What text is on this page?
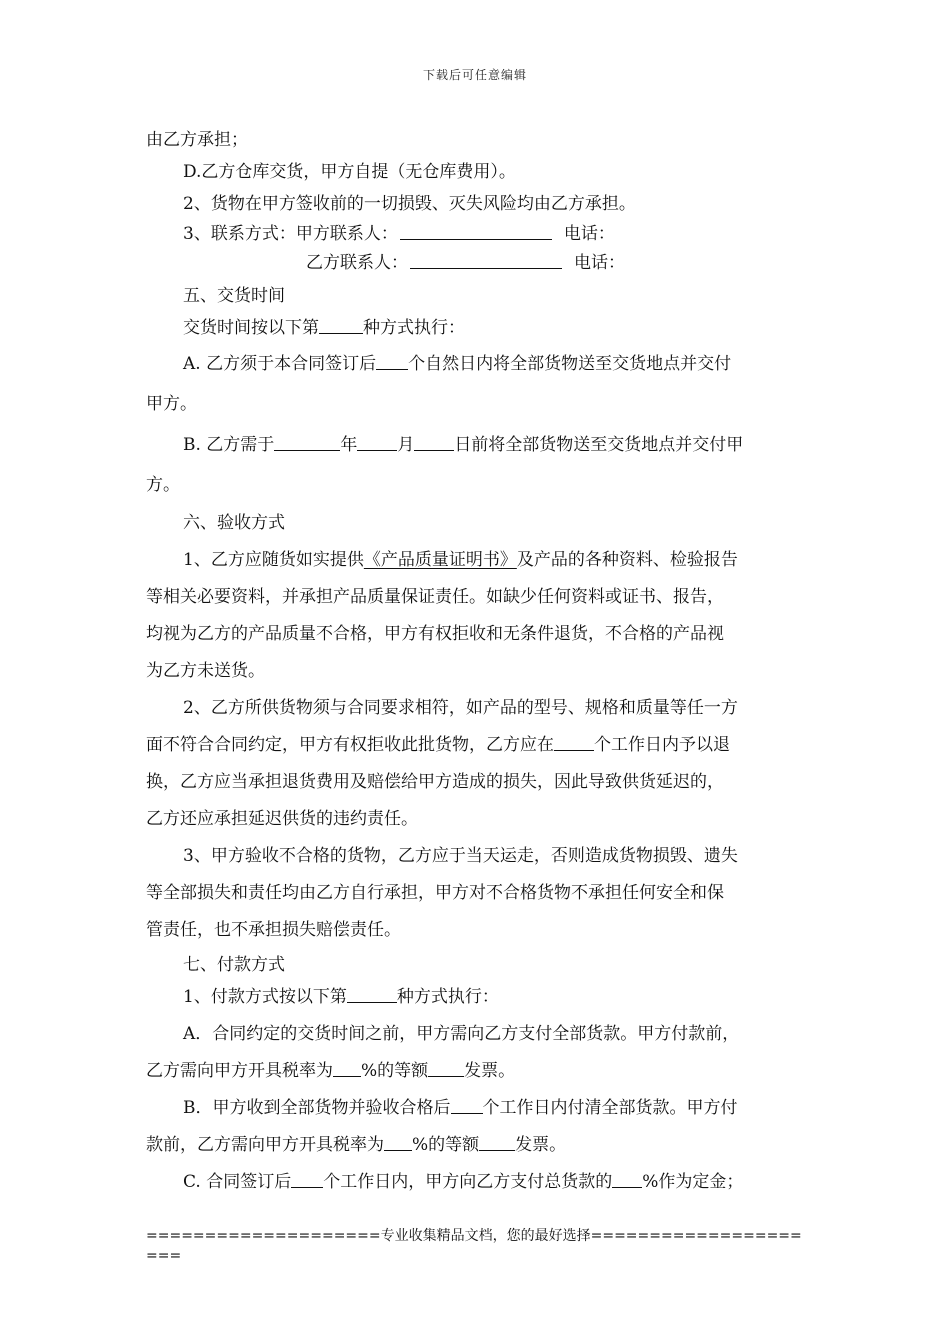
下载后可任意编辑
由乙方承担；
D.乙方仓库交货，甲方自提（无仓库费用）。
2、货物在甲方签收前的一切损毁、灭失风险均由乙方承担。
3、联系方式：甲方联系人：	电话：
乙方联系人：	电话：
五、交货时间
交货时间按以下第	种方式执行：
A. 乙方须于本合同签订后 个自然日内将全部货物送至交货地点并交付
甲方。
B. 乙方需于	年 月 日前将全部货物送至交货地点并交付甲
方。
六、验收方式
1、乙方应随货如实提供《产品质量证明书》及产品的各种资料、检验报告
等相关必要资料，并承担产品质量保证责任。如缺少任何资料或证书、报告，
均视为乙方的产品质量不合格，甲方有权拒收和无条件退货，不合格的产品视
为乙方未送货。
2、乙方所供货物须与合同要求相符，如产品的型号、规格和质量等任一方
面不符合合同约定，甲方有权拒收此批货物，乙方应在 个工作日内予以退
换，乙方应当承担退货费用及赔偿给甲方造成的损失，因此导致供货延迟的，
乙方还应承担延迟供货的违约责任。
3、甲方验收不合格的货物，乙方应于当天运走，否则造成货物损毁、遗失
等全部损失和责任均由乙方自行承担，甲方对不合格货物不承担任何安全和保
管责任，也不承担损失赔偿责任。
七、付款方式
1、付款方式按以下第	种方式执行：
A．合同约定的交货时间之前，甲方需向乙方支付全部货款。甲方付款前，
乙方需向甲方开具税率为 %的等额 发票。
B．甲方收到全部货物并验收合格后 个工作日内付清全部货款。甲方付
款前，乙方需向甲方开具税率为 %的等额 发票。
C. 合同签订后 个工作日内，甲方向乙方支付总货款的 %作为定金；
====================专业收集精品文档，您的最好选择=====================
